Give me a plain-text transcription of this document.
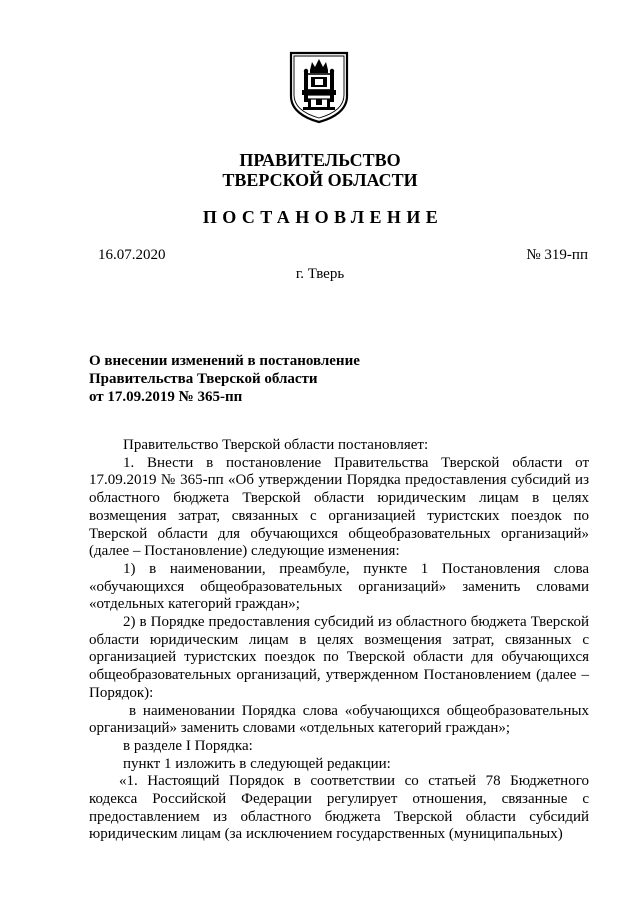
ПРАВИТЕЛЬСТВО
ТВЕРСКОЙ ОБЛАСТИ
ПОСТАНОВЛЕНИЕ
16.07.2020	№ 319-пп
г. Тверь
О внесении изменений в постановление
Правительства Тверской области
от 17.09.2019 № 365-пп

Правительство Тверской области постановляет:

1. Внести в постановление Правительства Тверской области от 17.09.2019 № 365-пп «Об утверждении Порядка предоставления субсидий из областного бюджета Тверской области юридическим лицам в целях возмещения затрат, связанных с организацией туристских поездок по Тверской области для обучающихся общеобразовательных организаций» (далее – Постановление) следующие изменения:

1) в наименовании, преамбуле, пункте 1 Постановления слова «обучающихся общеобразовательных организаций» заменить словами «отдельных категорий граждан»;

2) в Порядке предоставления субсидий из областного бюджета Тверской области юридическим лицам в целях возмещения затрат, связанных с организацией туристских поездок по Тверской области для обучающихся общеобразовательных организаций, утвержденном Постановлением (далее – Порядок):

в наименовании Порядка слова «обучающихся общеобразовательных организаций» заменить словами «отдельных категорий граждан»;

в разделе I Порядка:

пункт 1 изложить в следующей редакции:

«1. Настоящий Порядок в соответствии со статьей 78 Бюджетного кодекса Российской Федерации регулирует отношения, связанные с предоставлением из областного бюджета Тверской области субсидий юридическим лицам (за исключением государственных (муниципальных)
